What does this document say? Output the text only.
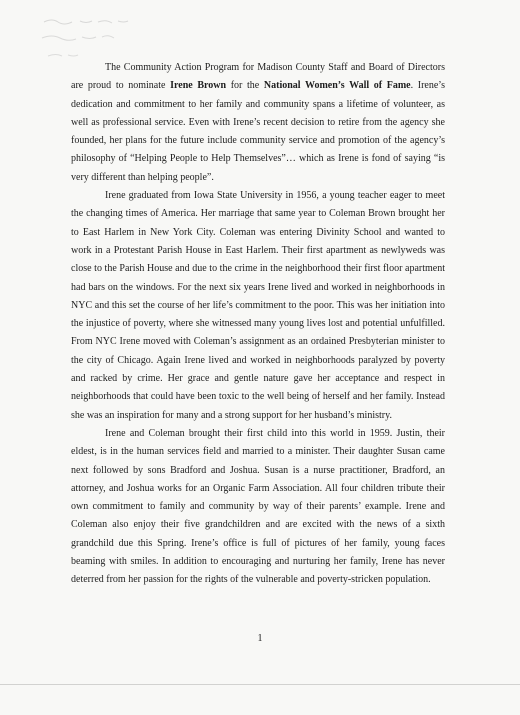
The Community Action Program for Madison County Staff and Board of Directors are proud to nominate Irene Brown for the National Women’s Wall of Fame. Irene’s dedication and commitment to her family and community spans a lifetime of volunteer, as well as professional service. Even with Irene’s recent decision to retire from the agency she founded, her plans for the future include community service and promotion of the agency’s philosophy of “Helping People to Help Themselves”… which as Irene is fond of saying “is very different than helping people”.

Irene graduated from Iowa State University in 1956, a young teacher eager to meet the changing times of America. Her marriage that same year to Coleman Brown brought her to East Harlem in New York City. Coleman was entering Divinity School and wanted to work in a Protestant Parish House in East Harlem. Their first apartment as newlyweds was close to the Parish House and due to the crime in the neighborhood their first floor apartment had bars on the windows. For the next six years Irene lived and worked in neighborhoods in NYC and this set the course of her life’s commitment to the poor. This was her initiation into the injustice of poverty, where she witnessed many young lives lost and potential unfulfilled. From NYC Irene moved with Coleman’s assignment as an ordained Presbyterian minister to the city of Chicago. Again Irene lived and worked in neighborhoods paralyzed by poverty and racked by crime. Her grace and gentle nature gave her acceptance and respect in neighborhoods that could have been toxic to the well being of herself and her family. Instead she was an inspiration for many and a strong support for her husband’s ministry.

Irene and Coleman brought their first child into this world in 1959. Justin, their eldest, is in the human services field and married to a minister. Their daughter Susan came next followed by sons Bradford and Joshua. Susan is a nurse practitioner, Bradford, an attorney, and Joshua works for an Organic Farm Association. All four children tribute their own commitment to family and community by way of their parents’ example. Irene and Coleman also enjoy their five grandchildren and are excited with the news of a sixth grandchild due this Spring. Irene’s office is full of pictures of her family, young faces beaming with smiles. In addition to encouraging and nurturing her family, Irene has never deterred from her passion for the rights of the vulnerable and poverty-stricken population.

1
